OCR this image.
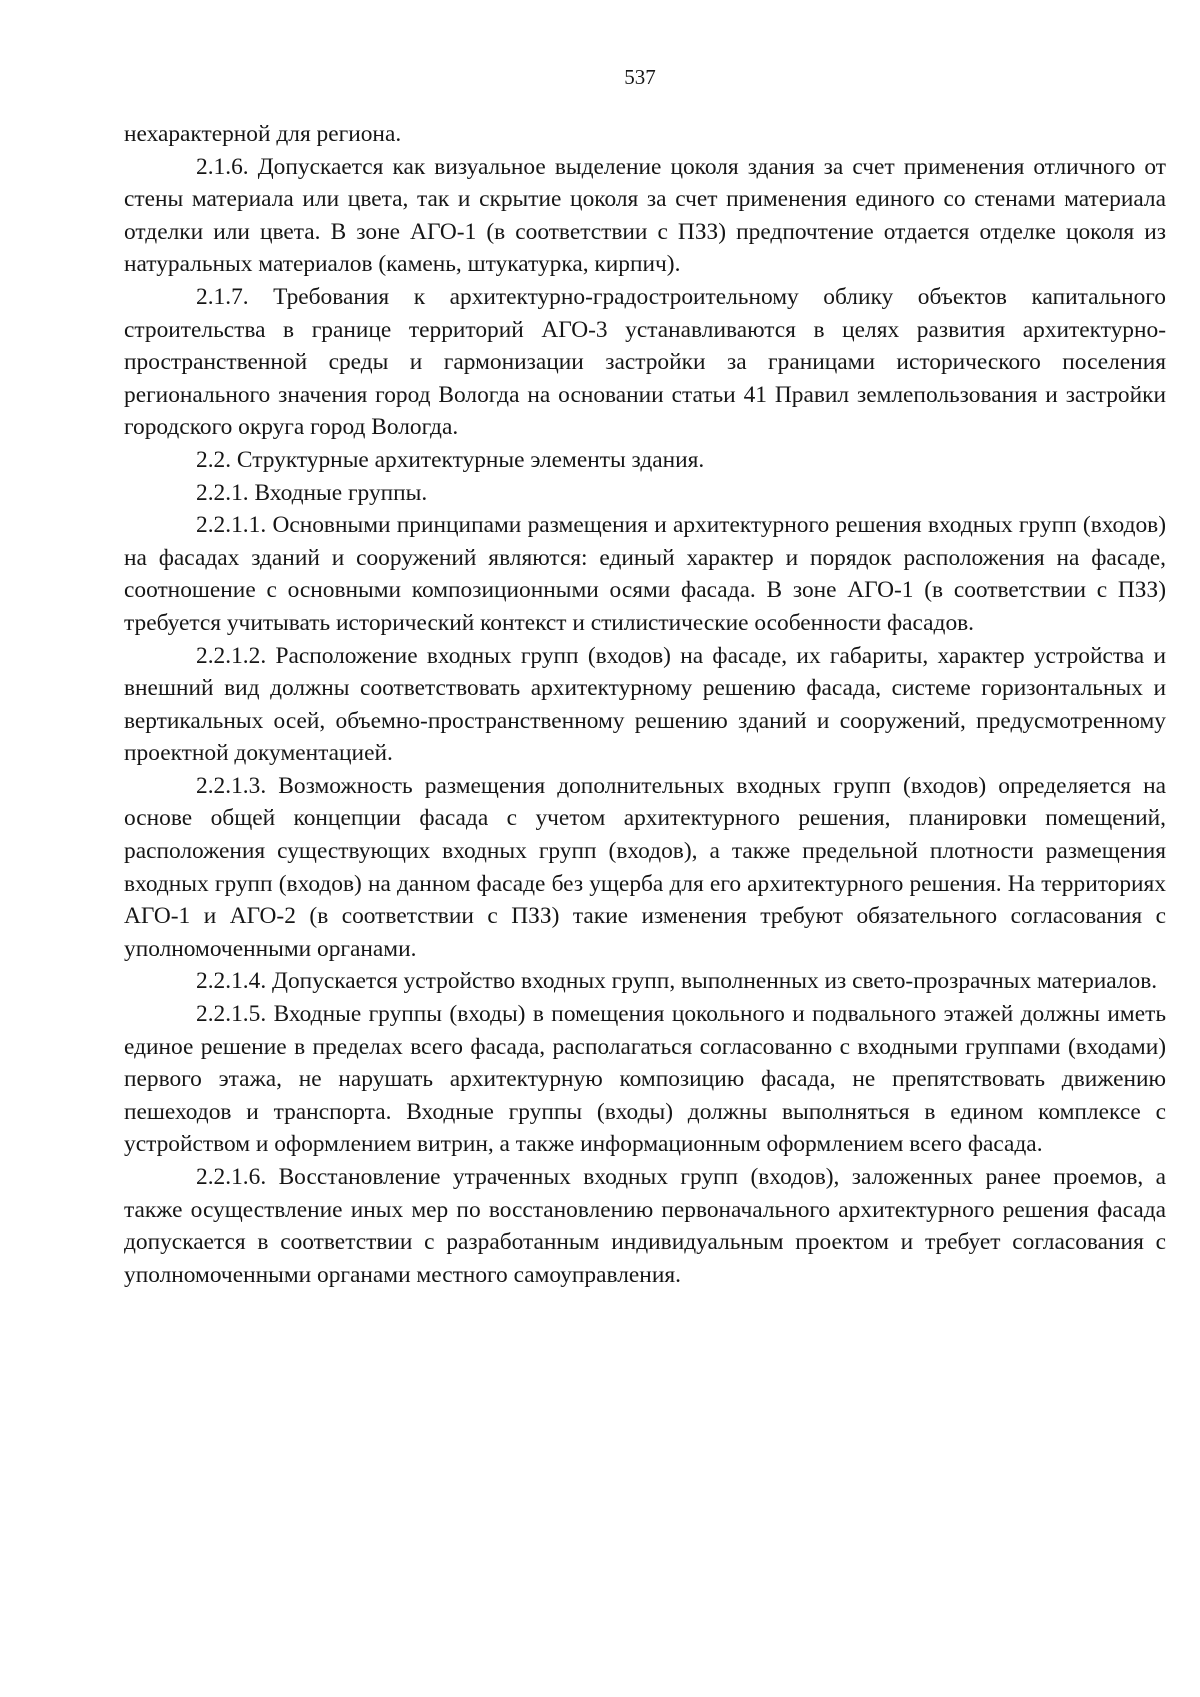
537

нехарактерной для региона.

2.1.6. Допускается как визуальное выделение цоколя здания за счет применения отличного от стены материала или цвета, так и скрытие цоколя за счет применения единого со стенами материала отделки или цвета. В зоне АГО-1 (в соответствии с ПЗЗ) предпочтение отдается отделке цоколя из натуральных материалов (камень, штукатурка, кирпич).

2.1.7. Требования к архитектурно-градостроительному облику объектов капитального строительства в границе территорий АГО-3 устанавливаются в целях развития архитектурно-пространственной среды и гармонизации застройки за границами исторического поселения регионального значения город Вологда на основании статьи 41 Правил землепользования и застройки городского округа город Вологда.

2.2. Структурные архитектурные элементы здания.

2.2.1. Входные группы.

2.2.1.1. Основными принципами размещения и архитектурного решения входных групп (входов) на фасадах зданий и сооружений являются: единый характер и порядок расположения на фасаде, соотношение с основными композиционными осями фасада. В зоне АГО-1 (в соответствии с ПЗЗ) требуется учитывать исторический контекст и стилистические особенности фасадов.

2.2.1.2. Расположение входных групп (входов) на фасаде, их габариты, характер устройства и внешний вид должны соответствовать архитектурному решению фасада, системе горизонтальных и вертикальных осей, объемно-пространственному решению зданий и сооружений, предусмотренному проектной документацией.

2.2.1.3. Возможность размещения дополнительных входных групп (входов) определяется на основе общей концепции фасада с учетом архитектурного решения, планировки помещений, расположения существующих входных групп (входов), а также предельной плотности размещения входных групп (входов) на данном фасаде без ущерба для его архитектурного решения. На территориях АГО-1 и АГО-2 (в соответствии с ПЗЗ) такие изменения требуют обязательного согласования с уполномоченными органами.

2.2.1.4. Допускается устройство входных групп, выполненных из свето-прозрачных материалов.

2.2.1.5. Входные группы (входы) в помещения цокольного и подвального этажей должны иметь единое решение в пределах всего фасада, располагаться согласованно с входными группами (входами) первого этажа, не нарушать архитектурную композицию фасада, не препятствовать движению пешеходов и транспорта. Входные группы (входы) должны выполняться в едином комплексе с устройством и оформлением витрин, а также информационным оформлением всего фасада.

2.2.1.6. Восстановление утраченных входных групп (входов), заложенных ранее проемов, а также осуществление иных мер по восстановлению первоначального архитектурного решения фасада допускается в соответствии с разработанным индивидуальным проектом и требует согласования с уполномоченными органами местного самоуправления.
